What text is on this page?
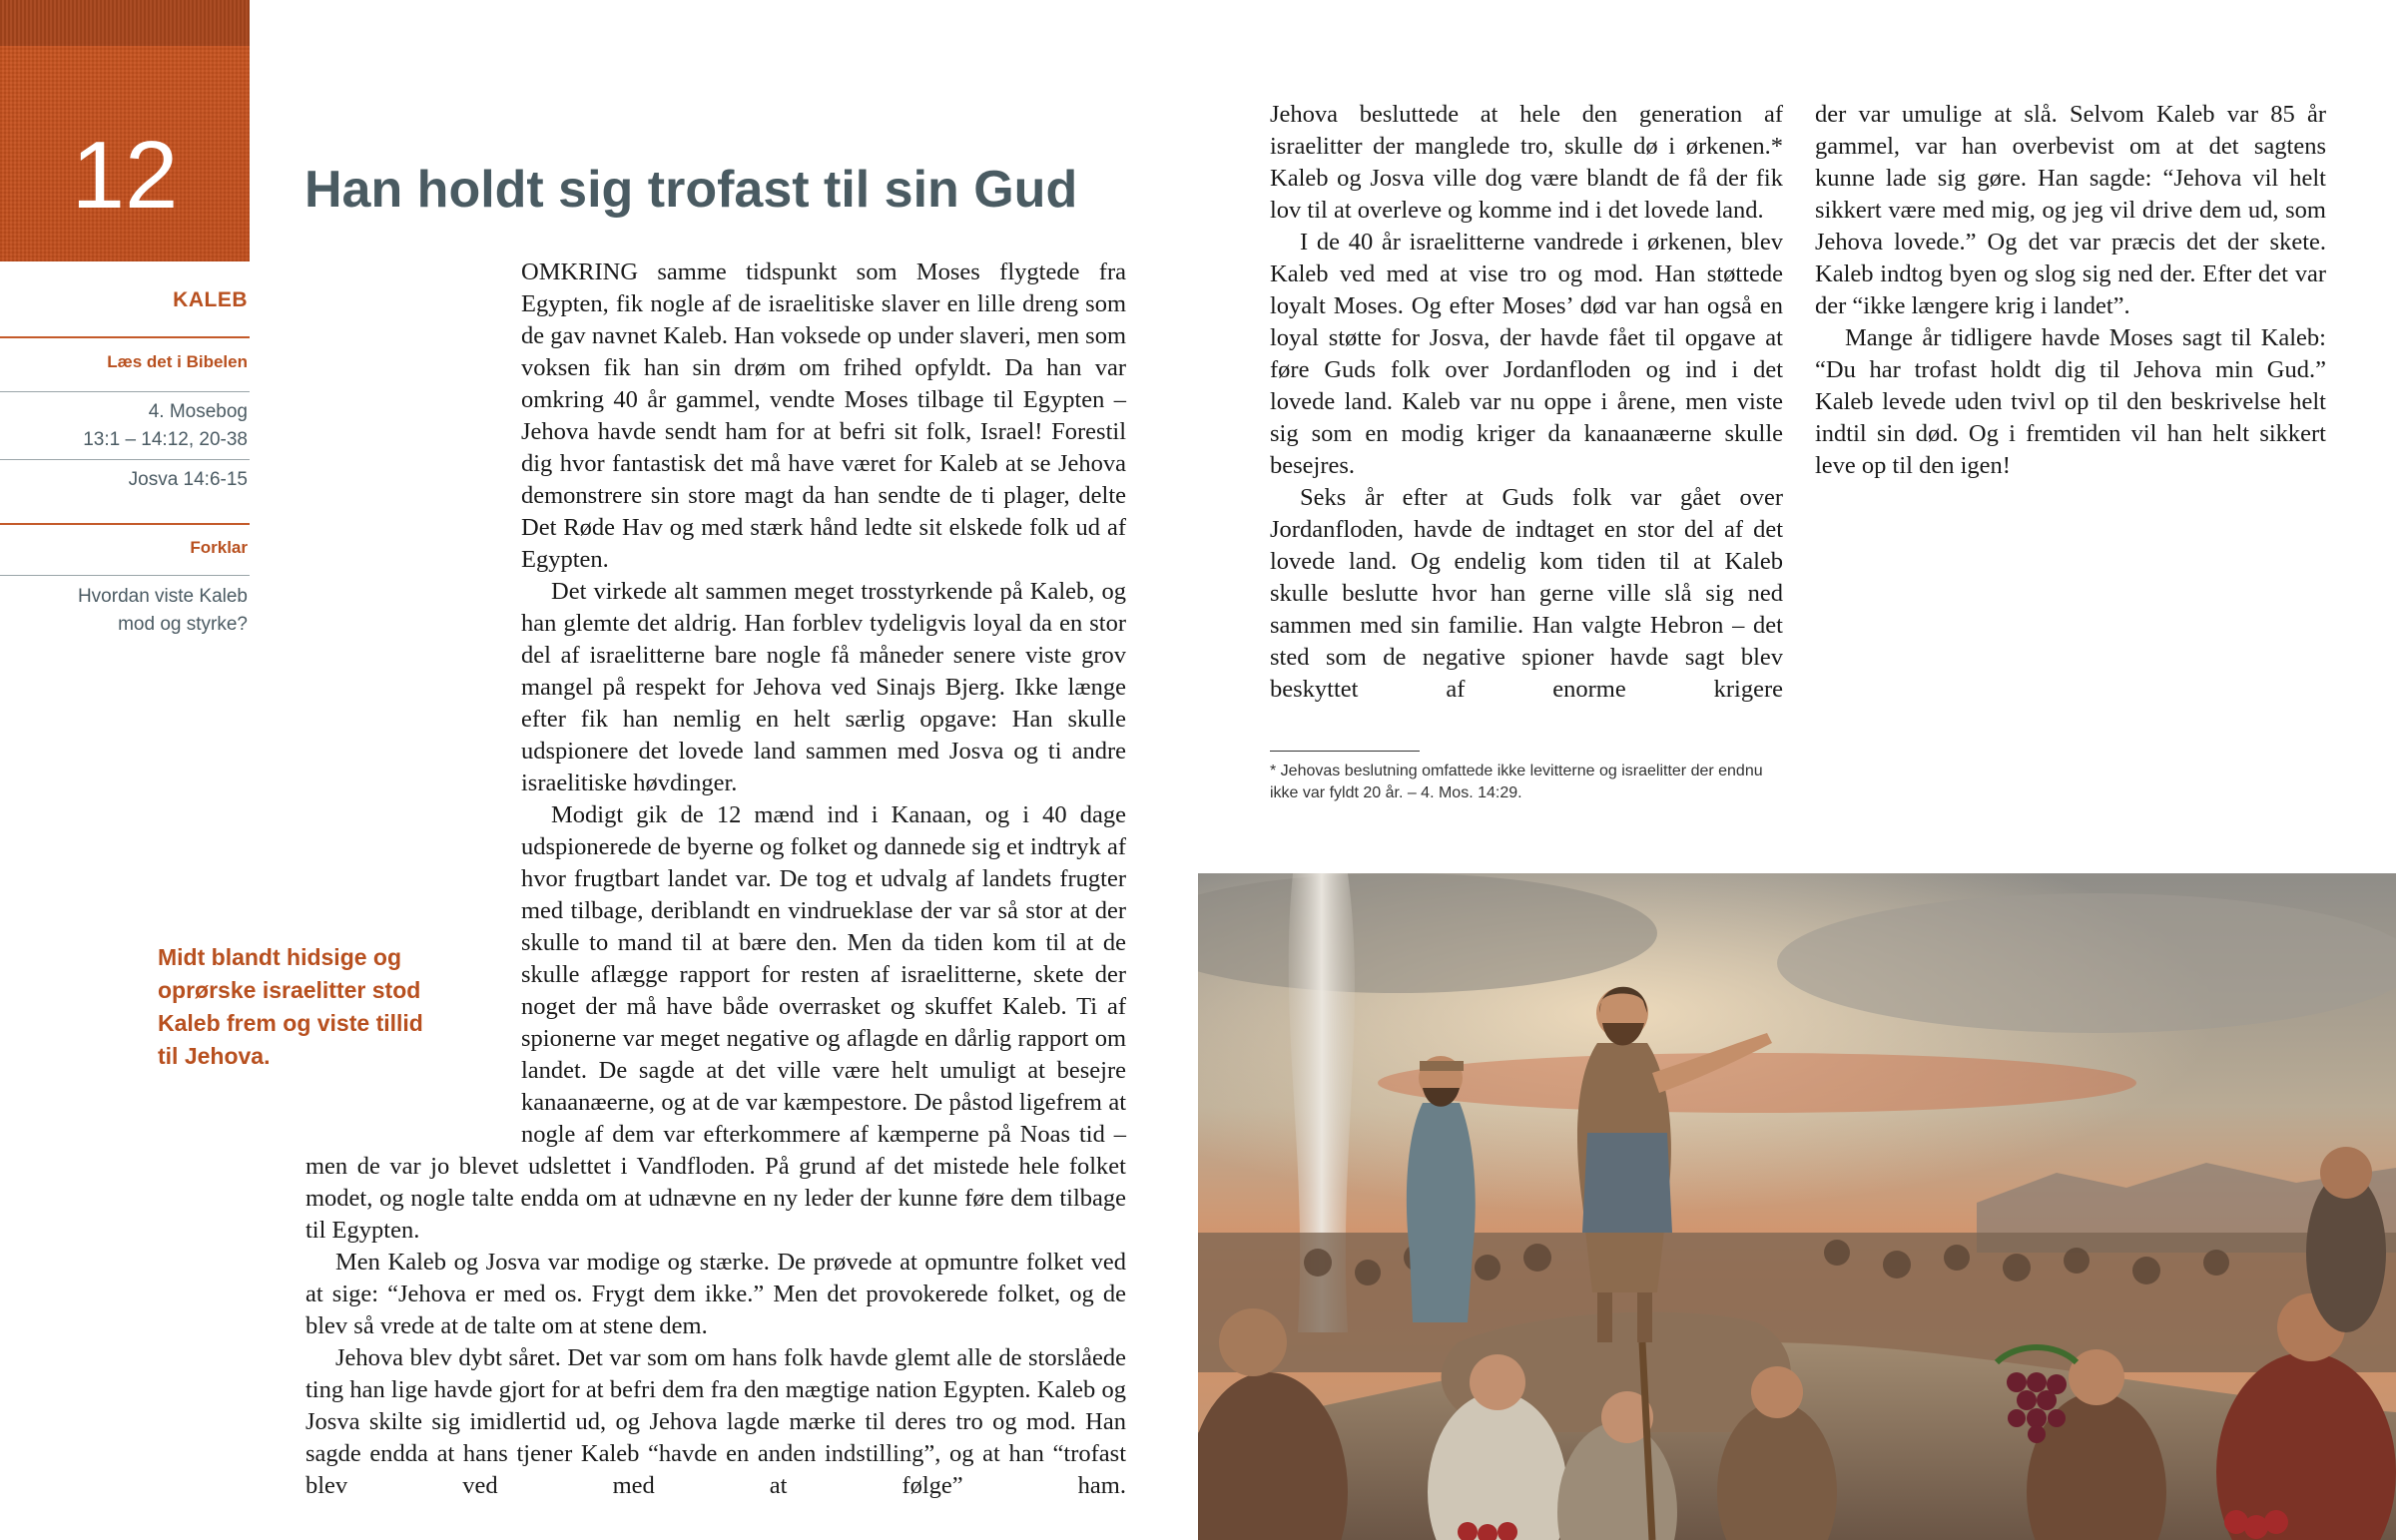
12
KALEB
Læs det i Bibelen
4. Mosebog
13:1 – 14:12, 20-38
Josva 14:6-15
Forklar
Hvordan viste Kaleb
mod og styrke?
Han holdt sig trofast til sin Gud
Midt blandt hidsige og oprørske israelitter stod Kaleb frem og viste tillid til Jehova.

OMKRING samme tidspunkt som Moses flygtede fra Egypten, fik nogle af de israelitiske slaver en lille dreng som de gav navnet Kaleb. Han voksede op under slaveri, men som voksen fik han sin drøm om frihed opfyldt. Da han var omkring 40 år gammel, vendte Moses tilbage til Egypten – Jehova havde sendt ham for at befri sit folk, Israel! Forestil dig hvor fantastisk det må have været for Kaleb at se Jehova demonstrere sin store magt da han sendte de ti plager, delte Det Røde Hav og med stærk hånd ledte sit elskede folk ud af Egypten.

Det virkede alt sammen meget trosstyrkende på Kaleb, og han glemte det aldrig. Han forblev tydeligvis loyal da en stor del af israelitterne bare nogle få måneder senere viste grov mangel på respekt for Jehova ved Sinajs Bjerg. Ikke længe efter fik han nemlig en helt særlig opgave: Han skulle udspionere det lovede land sammen med Josva og ti andre israelitiske høvdinger.

Modigt gik de 12 mænd ind i Kanaan, og i 40 dage udspionerede de byerne og folket og dannede sig et indtryk af hvor frugtbart landet var. De tog et udvalg af landets frugter med tilbage, deriblandt en vindrueklase der var så stor at der skulle to mand til at bære den. Men da tiden kom til at de skulle aflægge rapport for resten af israelitterne, skete der noget der må have både overrasket og skuffet Kaleb. Ti af spionerne var meget negative og aflagde en dårlig rapport om landet. De sagde at det ville være helt umuligt at besejre kanaanæerne, og at de var kæmpestore. De påstod ligefrem at nogle af dem var efterkommere af kæmperne på Noas tid – men de var jo blevet udslettet i Vandfloden. På grund af det mistede hele folket modet, og nogle talte endda om at udnævne en ny leder der kunne føre dem tilbage til Egypten.

Men Kaleb og Josva var modige og stærke. De prøvede at opmuntre folket ved at sige: “Jehova er med os. Frygt dem ikke.” Men det provokerede folket, og de blev så vrede at de talte om at stene dem.

Jehova blev dybt såret. Det var som om hans folk havde glemt alle de storslåede ting han lige havde gjort for at befri dem fra den mægtige nation Egypten. Kaleb og Josva skilte sig imidlertid ud, og Jehova lagde mærke til deres tro og mod. Han sagde endda at hans tjener Kaleb “havde en anden indstilling”, og at han “trofast blev ved med at følge” ham.

Jehova besluttede at hele den generation af israelitter der manglede tro, skulle dø i ørkenen.* Kaleb og Josva ville dog være blandt de få der fik lov til at overleve og komme ind i det lovede land.

I de 40 år israelitterne vandrede i ørkenen, blev Kaleb ved med at vise tro og mod. Han støttede loyalt Moses. Og efter Moses’ død var han også en loyal støtte for Josva, der havde fået til opgave at føre Guds folk over Jordanfloden og ind i det lovede land. Kaleb var nu oppe i årene, men viste sig som en modig kriger da kanaanæerne skulle besejres.

Seks år efter at Guds folk var gået over Jordanfloden, havde de indtaget en stor del af det lovede land. Og endelig kom tiden til at Kaleb skulle beslutte hvor han gerne ville slå sig ned sammen med sin familie. Han valgte Hebron – det sted som de negative spioner havde sagt blev beskyttet af enorme krigere

der var umulige at slå. Selvom Kaleb var 85 år gammel, var han overbevist om at det sagtens kunne lade sig gøre. Han sagde: “Jehova vil helt sikkert være med mig, og jeg vil drive dem ud, som Jehova lovede.” Og det var præcis det der skete. Kaleb indtog byen og slog sig ned der. Efter det var der “ikke længere krig i landet”.

Mange år tidligere havde Moses sagt til Kaleb: “Du har trofast holdt dig til Jehova min Gud.” Kaleb levede uden tvivl op til den beskrivelse helt indtil sin død. Og i fremtiden vil han helt sikkert leve op til den igen!

* Jehovas beslutning omfattede ikke levitterne og israelitter der endnu ikke var fyldt 20 år. – 4. Mos. 14:29.
